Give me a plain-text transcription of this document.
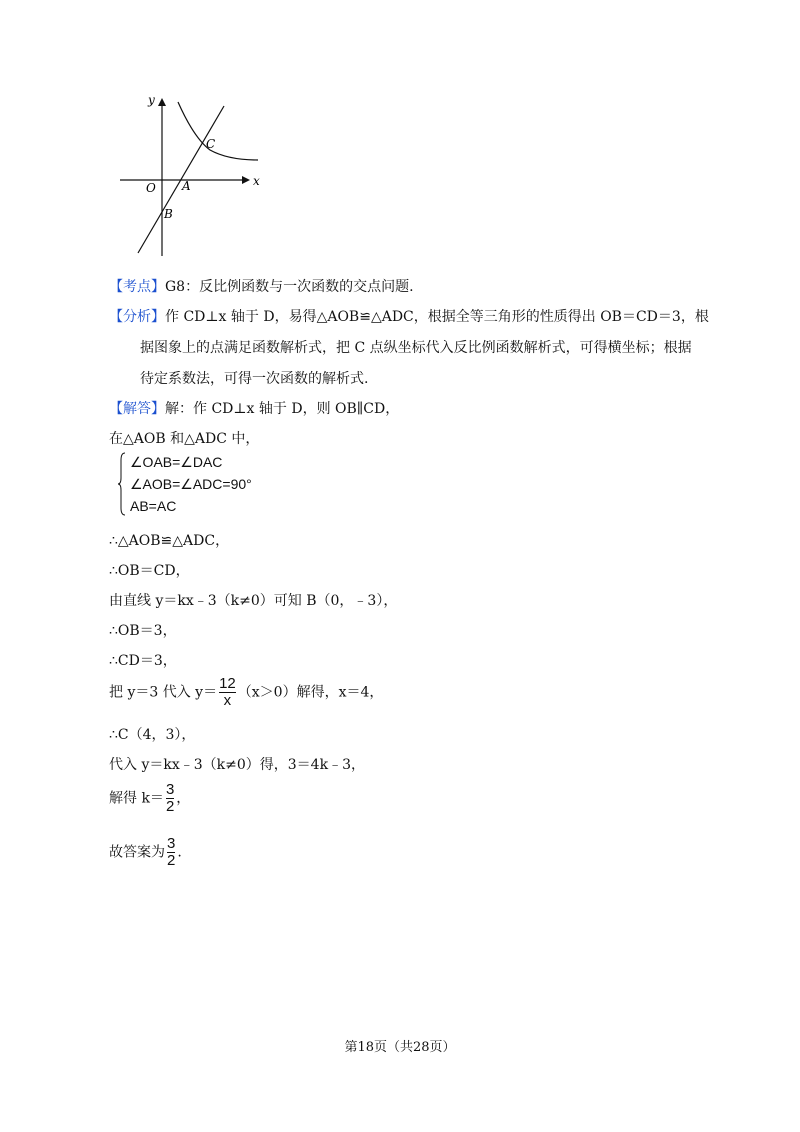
y
x
O A
B
C
【考点】G8：反比例函数与一次函数的交点问题.
【分析】作 CD⊥x 轴于 D，易得△AOB≌△ADC，根据全等三角形的性质得出 OB＝CD＝3，根
据图象上的点满足函数解析式，把 C 点纵坐标代入反比例函数解析式，可得横坐标；根据
待定系数法，可得一次函数的解析式.
【解答】解：作 CD⊥x 轴于 D，则 OB∥CD，
在△AOB 和△ADC 中，
∠OAB=∠DAC
∠AOB=∠ADC=90°
AB=AC
∴△AOB≌△ADC，
∴OB＝CD，
由直线 y＝kx﹣3（k≠0）可知 B（0，﹣3），
∴OB＝3，
∴CD＝3，
把 y＝3 代入 $y= \frac{12}{x} (x>0)$解得，x＝4，
∴C（4，3），
代入 y＝kx﹣3（k≠0）得，3＝4k﹣3，
解得 $k= \frac{3}{2}$ ，
故答案为 $\frac{3}{2}$ .
第18页（共28页）
